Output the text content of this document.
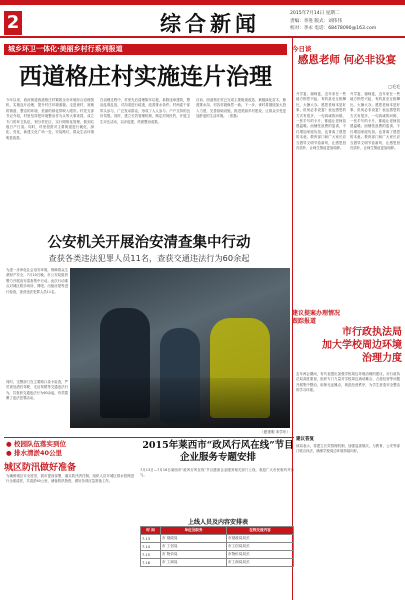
2	综合新闻	2015年7月14日 星期二
责编：李进 版式：刘伟伟
校对：李永 电话：68478090@163.com
城乡环卫一体化·美丽乡村行系列报道
西道格庄村实施连片治理
今年以来，西河街道西道格庄村紧抓全市环境综合治理契机，实施连片治理，提升村庄环境面貌。走进该村，宽敞的街道、整洁的环境、美丽的绿化带映入眼帘。村党支部书记介绍，村里坚持把环境整治作为头等大事来抓，成立专门的环卫队伍，划分责任区，实行网格化管理，做到垃圾日产日清。同时，村里投资对主要街道进行硬化、绿化、亮化，新建文化广场一处，安装路灯，群众生活环境明显改善。
在治理过程中，村里先后清理陈年垃圾，拆除违章建筑，整治乱堆乱放，对沟渠进行疏浚，改善排水条件。村两委干部带头参与，广泛发动群众，形成了人人参与、户户支持的良好氛围。同时，建立长效管理机制，制定村规民约，开展卫生评比活动，以评促建，巩固整治成果。
目前，西道格庄村已完成主要街道改造，栽植绿化苗木，修建排水沟，村容村貌焕然一新。下一步，该村将继续加大投入力度，完善基础设施，推进美丽乡村建设，让群众享受更加舒适的生活环境。（张磊）
公安机关开展治安清查集中行动
查获各类违法犯罪人员11名，查获交通违法行为60余起
为进一步净化社会治安环境，保障群众生命财产安全，7月10日晚，市公安局组织警力开展治安清查集中行动。此次行动重点对城区娱乐场所、网吧、出租房屋等进行检查，查获违法犯罪人员11名。
同时，交警部门在主要路口设卡检查，严厉查处酒后驾驶、无证驾驶等交通违法行为，共查获交通违法行为60余起，有效震慑了违法犯罪活动。
（夏建明 宋学东）
今日谈
感恩老师 何必非设宴
□毛毛
升学宴、谢师宴，近年来在一些地方悄然兴起，有的甚至互相攀比、大操大办。感恩老师本是好事，但何必非设宴？表达感恩的方式有很多，一句真诚的问候、一张手写的卡片，都能让老师倍感温暖。而铺张浪费的宴请，不仅增加家庭负担，也背离了感恩的本意。教育部门和广大家长应当倡导文明节俭新风，让感恩回归质朴，让师生情谊更加纯粹。
升学宴、谢师宴，近年来在一些地方悄然兴起，有的甚至互相攀比、大操大办。感恩老师本是好事，但何必非设宴？表达感恩的方式有很多，一句真诚的问候、一张手写的卡片，都能让老师倍感温暖。而铺张浪费的宴请，不仅增加家庭负担，也背离了感恩的本意。教育部门和广大家长应当倡导文明节俭新风，让感恩回归质朴，让师生情谊更加纯粹。
建议提案办理情况
跟踪报道
市行政执法局
加大学校周边环境
治理力度
去年两会期间，有代表提出加强学校周边环境治理的建议。市行政执法局高度重视，组织专门力量对学校周边流动摊点、占道经营等问题开展集中整治，取缔无证摊点，规范经营秩序，为学生营造安全整洁的学习环境。
建议答复
该局表示，将建立长效管理机制，加强巡查频次，与教育、公安等部门联合执法，确保学校周边环境持续向好。
● 校园队伍落实到位
● 排水清淤40公里
城区防汛做好准备
为确保城区安全度汛，我市提前部署，落实防汛责任制，组织人员对城区排水管网进行全面清淤，共清淤40公里，储备防汛物资，做好各项应急准备工作。
2015年莱西市“政风行风在线”节目
企业服务专题安排
7月13日—7月16日莱西市“政风行风在线”节目邀请企业服务相关部门上线，欢迎广大市民收听并参与。
上线人员及内容安排表
时 间	单位及职务	在线交流内容
7.13	市 财政局	市财政局局长
7.14	市 工信局	市工信局局长
7.15	市 物价局	市物价局局长
7.16	市 工商局	市工商局局长
